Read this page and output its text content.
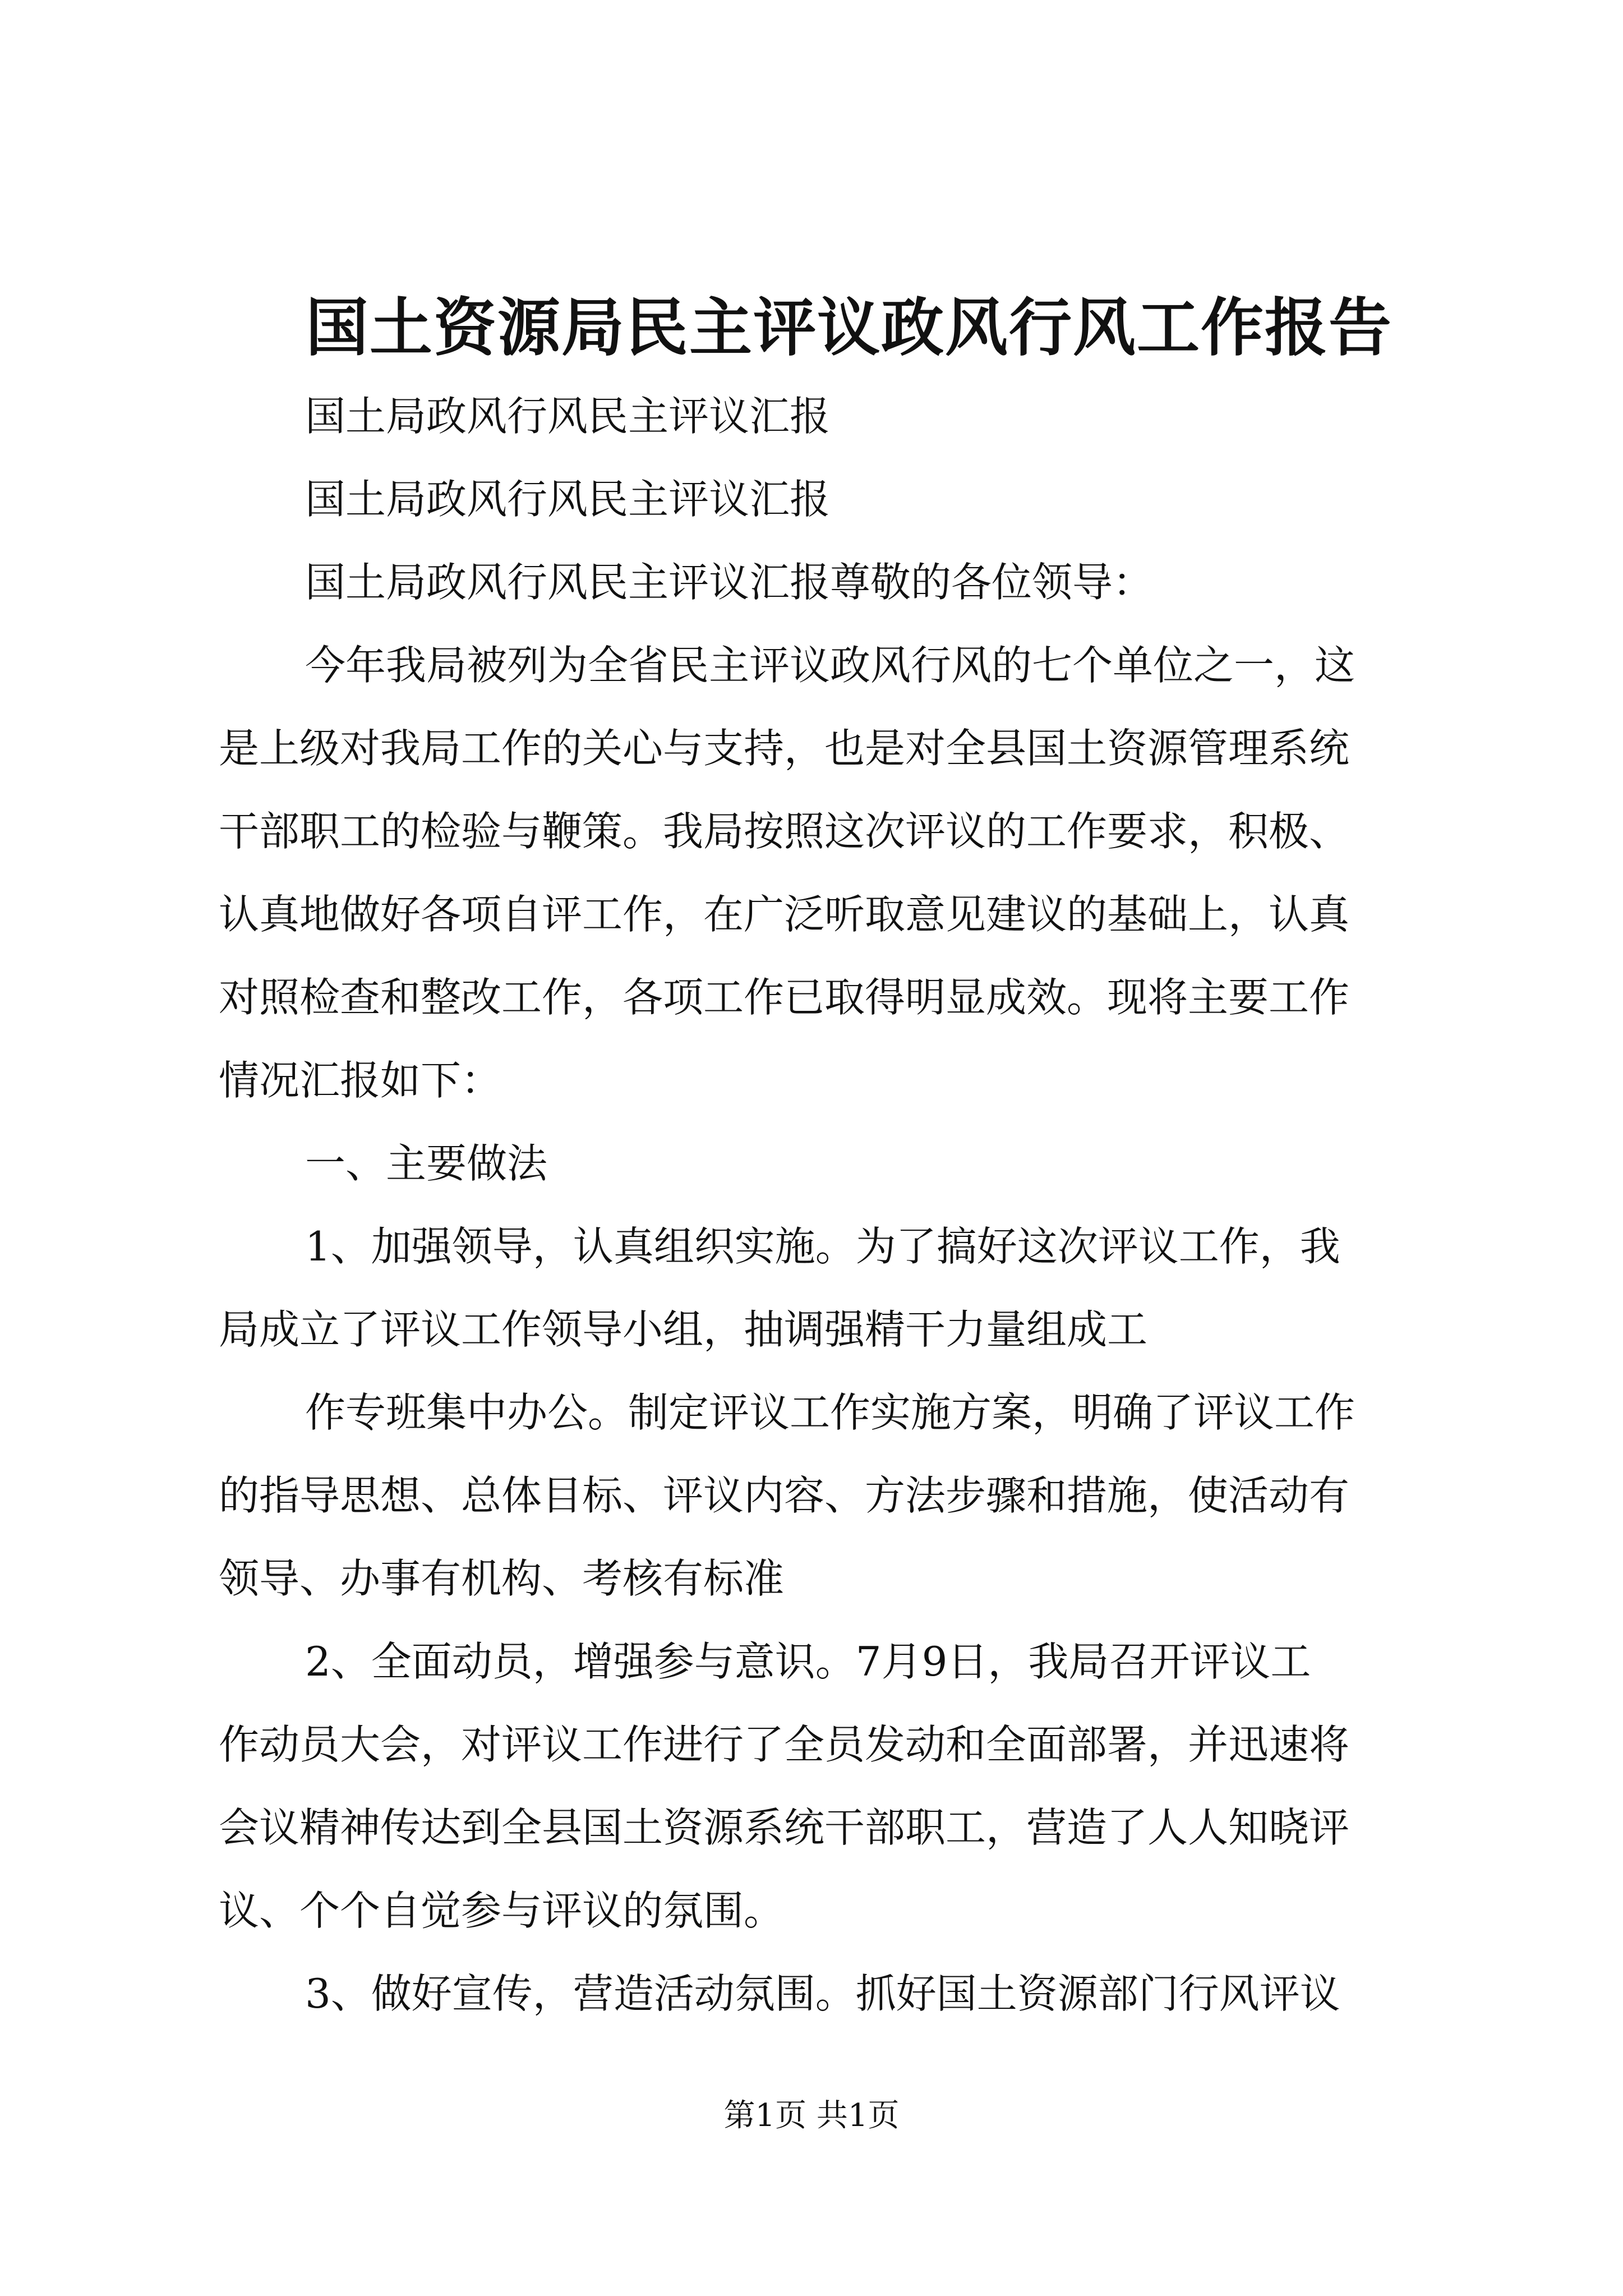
国土资源局民主评议政风行风工作报告
国土局政风行风民主评议汇报
国土局政风行风民主评议汇报
国土局政风行风民主评议汇报尊敬的各位领导：
今年我局被列为全省民主评议政风行风的七个单位之一，这
是上级对我局工作的关心与支持，也是对全县国土资源管理系统
干部职工的检验与鞭策。我局按照这次评议的工作要求，积极、
认真地做好各项自评工作，在广泛听取意见建议的基础上，认真
对照检查和整改工作，各项工作已取得明显成效。现将主要工作
情况汇报如下：
一、主要做法
1、加强领导，认真组织实施。为了搞好这次评议工作，我
局成立了评议工作领导小组，抽调强精干力量组成工
作专班集中办公。制定评议工作实施方案，明确了评议工作
的指导思想、总体目标、评议内容、方法步骤和措施，使活动有
领导、办事有机构、考核有标准
2、全面动员，增强参与意识。7月9日，我局召开评议工
作动员大会，对评议工作进行了全员发动和全面部署，并迅速将
会议精神传达到全县国土资源系统干部职工，营造了人人知晓评
议、个个自觉参与评议的氛围。
3、做好宣传，营造活动氛围。抓好国土资源部门行风评议
第1页 共1页
